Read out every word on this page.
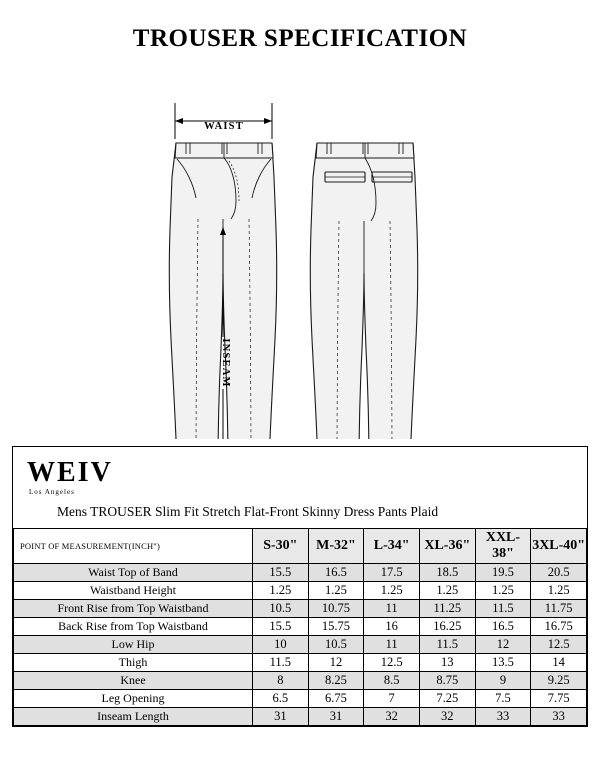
TROUSER SPECIFICATION
WAIST
INSEAM
WEIV
Los Angeles
Mens TROUSER Slim Fit Stretch Flat-Front Skinny Dress Pants Plaid
POINT OF MEASUREMENT(INCH")	S-30"	M-32"	L-34"	XL-36"	XXL-38"	3XL-40"
Waist Top of Band	15.5	16.5	17.5	18.5	19.5	20.5
Waistband Height	1.25	1.25	1.25	1.25	1.25	1.25
Front Rise from Top Waistband	10.5	10.75	11	11.25	11.5	11.75
Back Rise from Top Waistband	15.5	15.75	16	16.25	16.5	16.75
Low Hip	10	10.5	11	11.5	12	12.5
Thigh	11.5	12	12.5	13	13.5	14
Knee	8	8.25	8.5	8.75	9	9.25
Leg Opening	6.5	6.75	7	7.25	7.5	7.75
Inseam Length	31	31	32	32	33	33
